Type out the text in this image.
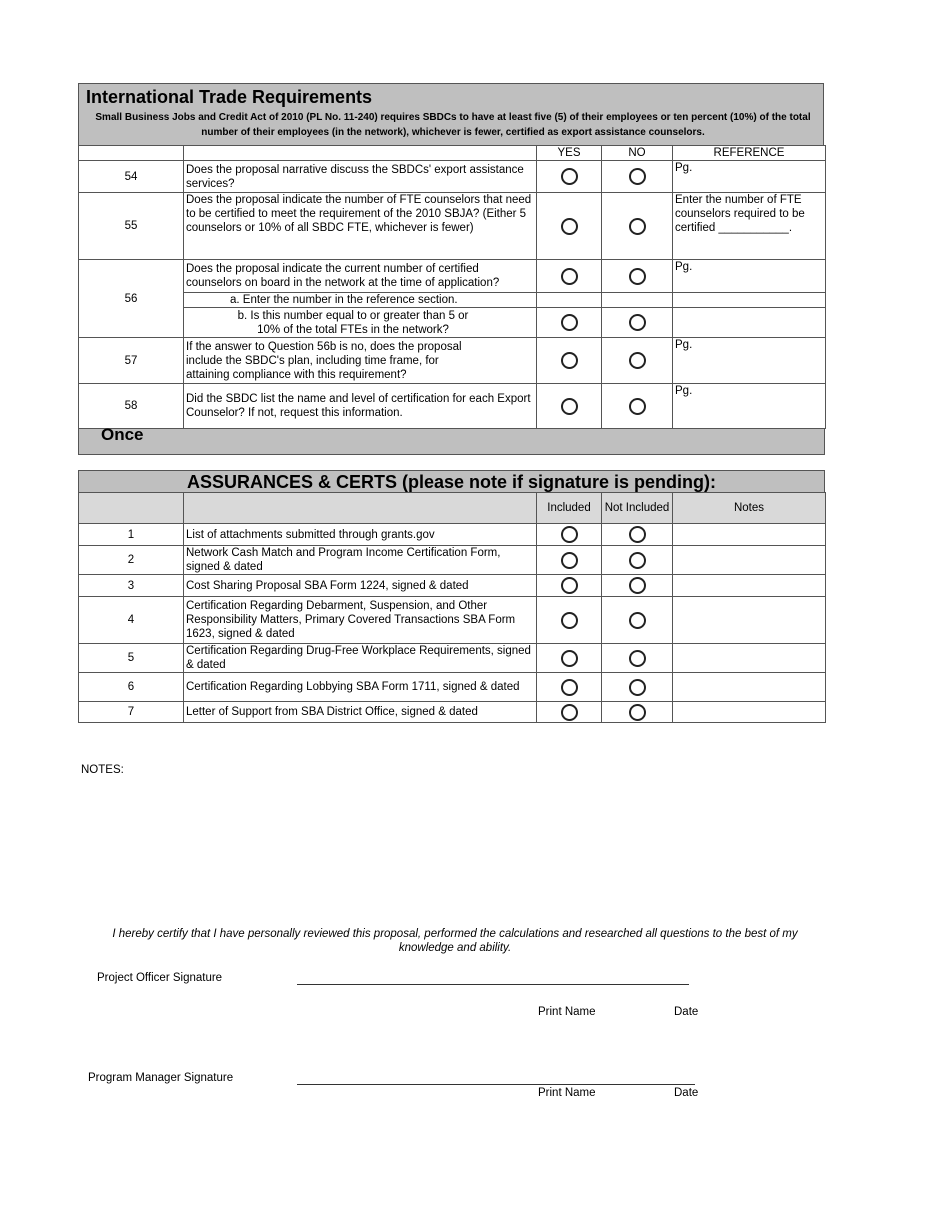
International Trade Requirements
Small Business Jobs and Credit Act of 2010 (PL No. 11-240) requires SBDCs to have at least five (5) of their employees or ten percent (10%) of the total number of their employees (in the network), whichever is fewer, certified as export assistance counselors.
		YES	NO	REFERENCE
54	Does the proposal narrative discuss the SBDCs' export assistance services?			Pg.
55	Does the proposal indicate the number of FTE counselors that need to be certified to meet the requirement of the 2010 SBJA? (Either 5 counselors or 10% of all SBDC FTE, whichever is fewer)			Enter the number of FTE counselors required to be certified ___________.
56	Does the proposal indicate the current number of certified counselors on board in the network at the time of application?			Pg.
	a. Enter the number in the reference section.			
	b. Is this number equal to or greater than 5 or 10% of the total FTEs in the network?			
57	If the answer to Question 56b is no, does the proposal include the SBDC's plan, including time frame, for attaining compliance with this requirement?			Pg.
58	Did the SBDC list the name and level of certification for each Export Counselor? If not, request this information.			Pg.
Once
ASSURANCES & CERTS (please note if signature is pending):
		Included	Not Included	Notes
1	List of attachments submitted through grants.gov			
2	Network Cash Match and Program Income Certification Form, signed & dated			
3	Cost Sharing Proposal SBA Form 1224, signed & dated			
4	Certification Regarding Debarment, Suspension, and Other Responsibility Matters, Primary Covered Transactions SBA Form 1623, signed & dated			
5	Certification Regarding Drug-Free Workplace Requirements, signed & dated			
6	Certification Regarding Lobbying SBA Form 1711, signed & dated			
7	Letter of Support from SBA District Office, signed & dated			
NOTES:
I hereby certify that I have personally reviewed this proposal, performed the calculations and researched all questions to the best of my knowledge and ability.
Project Officer Signature
Print Name	Date
Program Manager Signature
Print Name	Date
